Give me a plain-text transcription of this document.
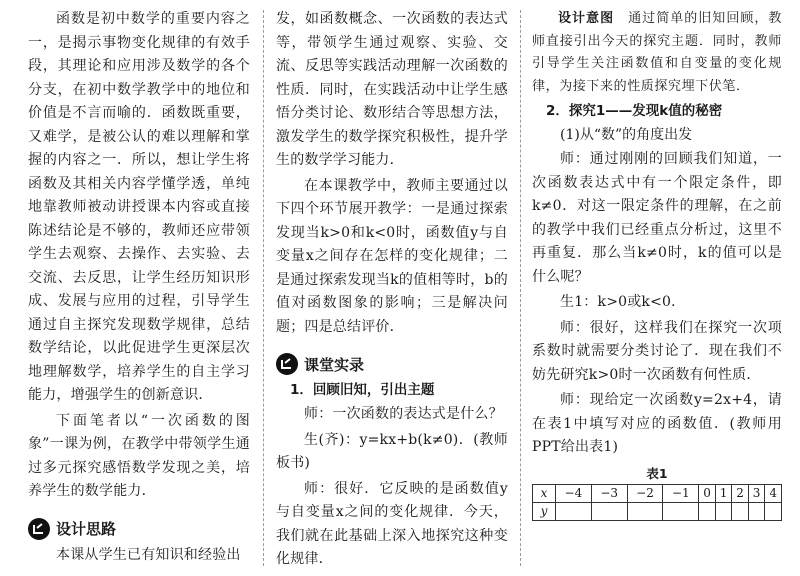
函数是初中数学的重要内容之一，是揭示事物变化规律的有效手段，其理论和应用涉及数学的各个分支，在初中数学教学中的地位和价值是不言而喻的．函数既重要，又难学，是被公认的难以理解和掌握的内容之一．所以，想让学生将函数及其相关内容学懂学透，单纯地靠教师被动讲授课本内容或直接陈述结论是不够的，教师还应带领学生去观察、去操作、去实验、去交流、去反思，让学生经历知识形成、发展与应用的过程，引导学生通过自主探究发现数学规律，总结数学结论，以此促进学生更深层次地理解数学，培养学生的自主学习能力，增强学生的创新意识．

下面笔者以“一次函数的图象”一课为例，在教学中带领学生通过多元探究感悟数学发现之美，培养学生的数学能力．

设计思路

本课从学生已有知识和经验出

发，如函数概念、一次函数的表达式等，带领学生通过观察、实验、交流、反思等实践活动理解一次函数的性质．同时，在实践活动中让学生感悟分类讨论、数形结合等思想方法，激发学生的数学探究积极性，提升学生的数学学习能力．

在本课教学中，教师主要通过以下四个环节展开教学：一是通过探索发现当k>0和k<0时，函数值y与自变量x之间存在怎样的变化规律；二是通过探索发现当k的值相等时，b的值对函数图象的影响；三是解决问题；四是总结评价．

课堂实录
1．回顾旧知，引出主题

师：一次函数的表达式是什么？

生(齐)：y=kx+b(k≠0)．(教师板书)

师：很好．它反映的是函数值y与自变量x之间的变化规律．今天，我们就在此基础上深入地探究这种变化规律．

设计意图　 通过简单的旧知回顾，教师直接引出今天的探究主题．同时，教师引导学生关注函数值和自变量的变化规律，为接下来的性质探究埋下伏笔．

2．探究1——发现k值的秘密
(1)从“数”的角度出发

师：通过刚刚的回顾我们知道，一次函数表达式中有一个限定条件，即k≠0．对这一限定条件的理解，在之前的教学中我们已经重点分析过，这里不再重复．那么当k≠0时，k的值可以是什么呢？

生1：k>0或k<0．

师：很好，这样我们在探究一次项系数时就需要分类讨论了．现在我们不妨先研究k>0时一次函数有何性质．

师：现给定一次函数y=2x+4，请在表1中填写对应的函数值．(教师用PPT给出表1)

表1
x	−4	−3	−2	−1	0	1	2	3	4
y									
